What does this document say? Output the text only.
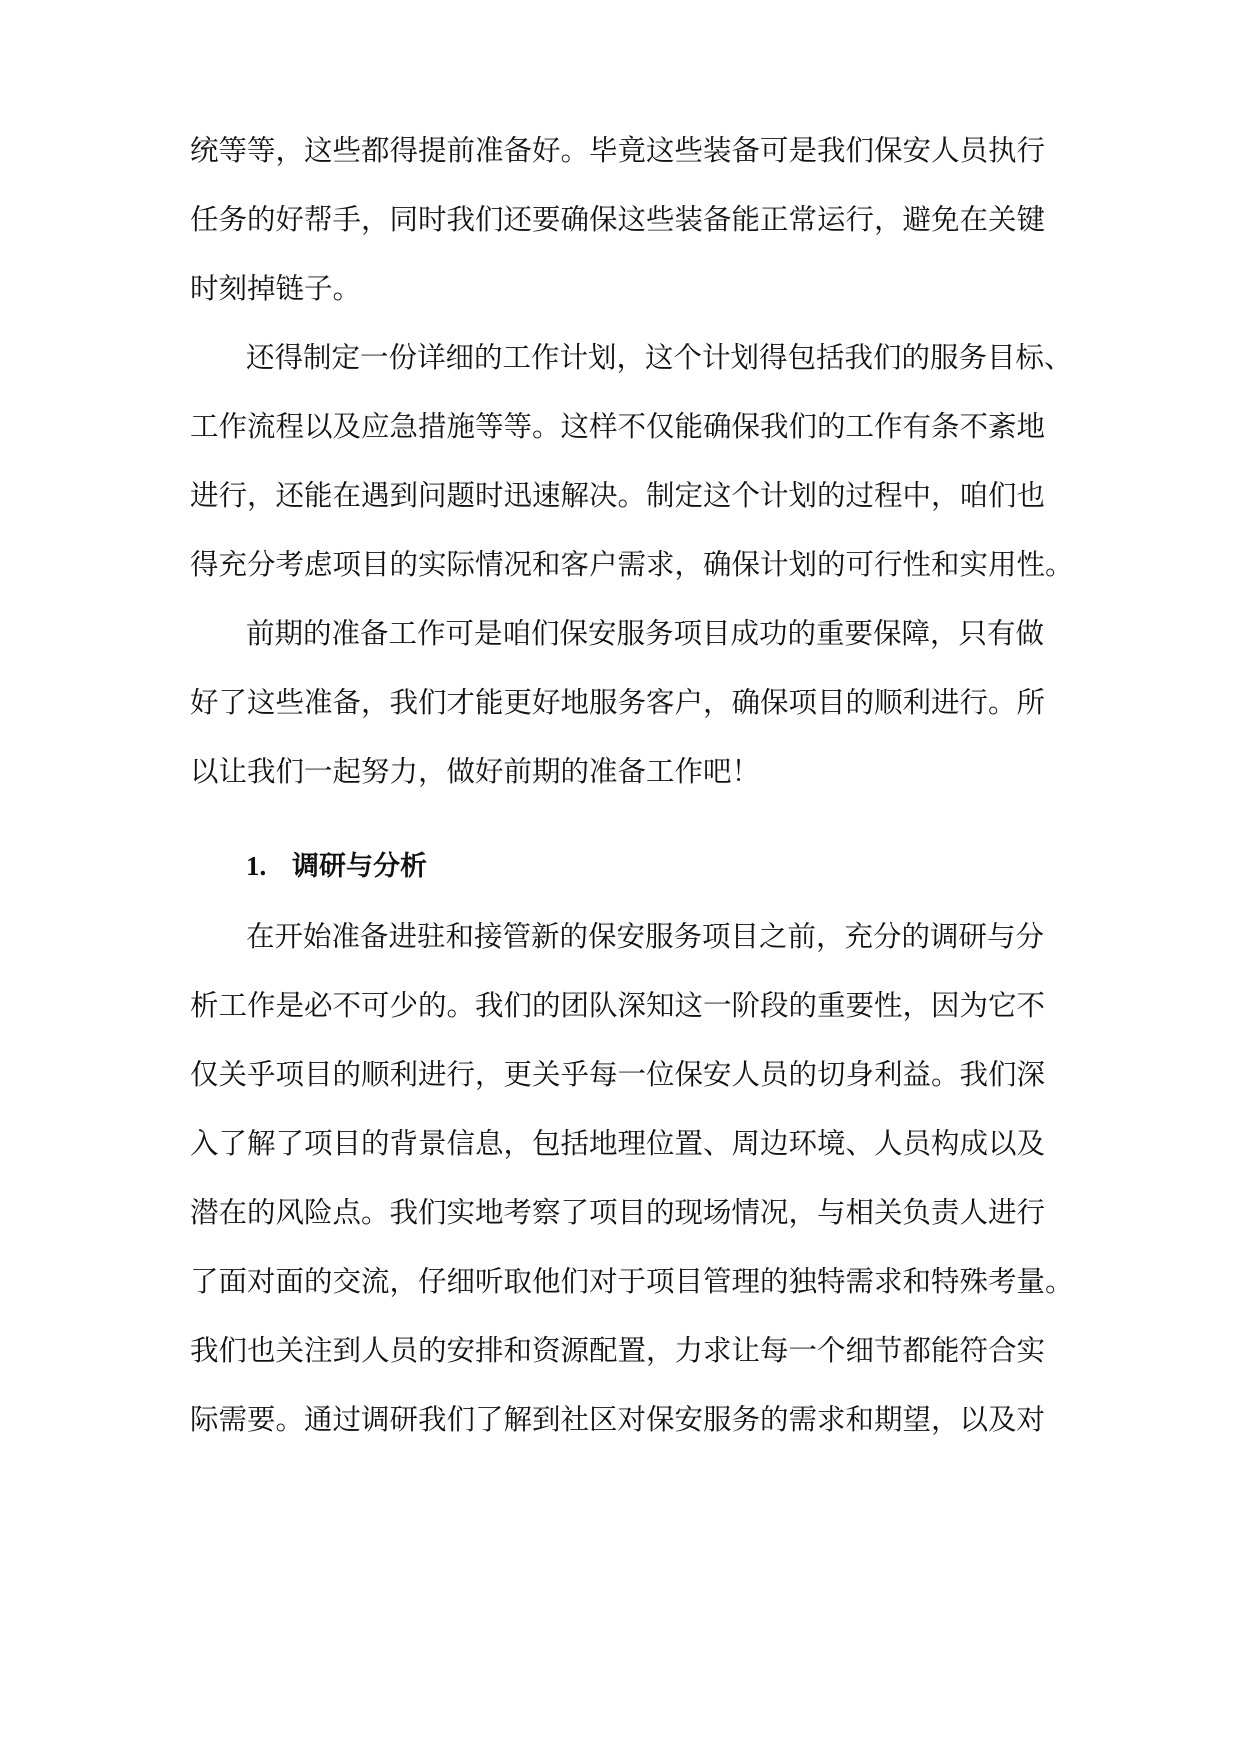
统等等，这些都得提前准备好。毕竟这些装备可是我们保安人员执行

任务的好帮手，同时我们还要确保这些装备能正常运行，避免在关键

时刻掉链子。

还得制定一份详细的工作计划，这个计划得包括我们的服务目标、

工作流程以及应急措施等等。这样不仅能确保我们的工作有条不紊地

进行，还能在遇到问题时迅速解决。制定这个计划的过程中，咱们也

得充分考虑项目的实际情况和客户需求，确保计划的可行性和实用性。

前期的准备工作可是咱们保安服务项目成功的重要保障，只有做

好了这些准备，我们才能更好地服务客户，确保项目的顺利进行。所

以让我们一起努力，做好前期的准备工作吧！

1. 调研与分析

在开始准备进驻和接管新的保安服务项目之前，充分的调研与分

析工作是必不可少的。我们的团队深知这一阶段的重要性，因为它不

仅关乎项目的顺利进行，更关乎每一位保安人员的切身利益。我们深

入了解了项目的背景信息，包括地理位置、周边环境、人员构成以及

潜在的风险点。我们实地考察了项目的现场情况，与相关负责人进行

了面对面的交流，仔细听取他们对于项目管理的独特需求和特殊考量。

我们也关注到人员的安排和资源配置，力求让每一个细节都能符合实

际需要。通过调研我们了解到社区对保安服务的需求和期望，以及对
